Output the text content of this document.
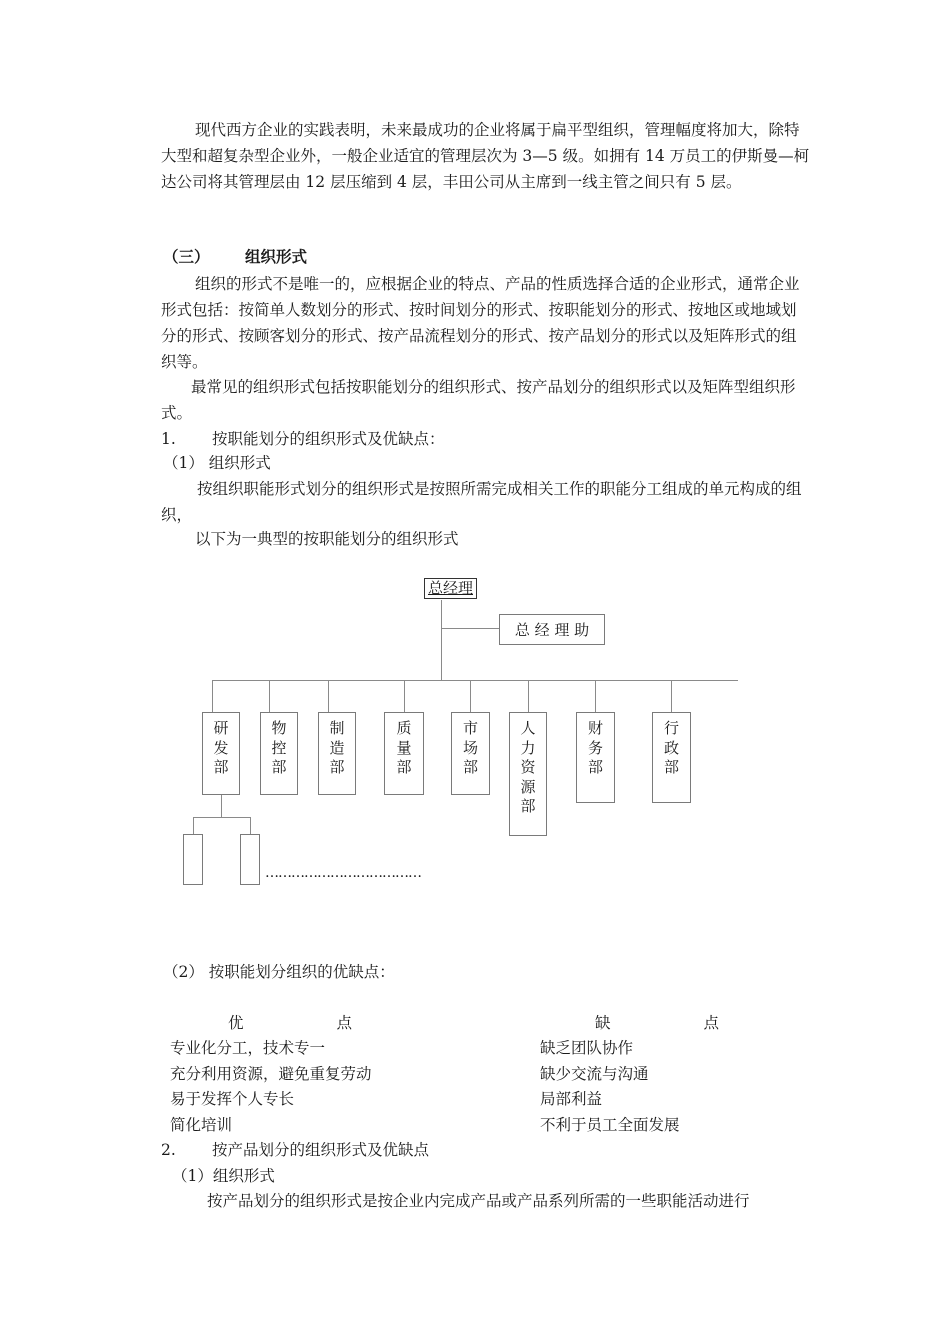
现代西方企业的实践表明，未来最成功的企业将属于扁平型组织，管理幅度将加大，除特大型和超复杂型企业外，一般企业适宜的管理层次为 3—5 级。如拥有 14 万员工的伊斯曼—柯达公司将其管理层由 12 层压缩到 4 层，丰田公司从主席到一线主管之间只有 5 层。

（三） 组织形式

组织的形式不是唯一的，应根据企业的特点、产品的性质选择合适的企业形式，通常企业形式包括：按简单人数划分的形式、按时间划分的形式、按职能划分的形式、按地区或地域划分的形式、按顾客划分的形式、按产品流程划分的形式、按产品划分的形式以及矩阵形式的组织等。

最常见的组织形式包括按职能划分的组织形式、按产品划分的组织形式以及矩阵型组织形式。

1. 按职能划分的组织形式及优缺点：
（1） 组织形式

按组织职能形式划分的组织形式是按照所需完成相关工作的职能分工组成的单元构成的组织，

以下为一典型的按职能划分的组织形式
总经理
总 经 理 助
研发部
物控部
制造部
质量部
市场部
人力资源部
财务部
行政部
………………………………
（2） 按职能划分组织的优缺点：
优　　　　　　点	缺　　　　　　点
专业化分工，技术专一
充分利用资源，避免重复劳动
易于发挥个人专长
简化培训
缺乏团队协作
缺少交流与沟通
局部利益
不利于员工全面发展
2. 按产品划分的组织形式及优缺点
（1）组织形式
按产品划分的组织形式是按企业内完成产品或产品系列所需的一些职能活动进行
